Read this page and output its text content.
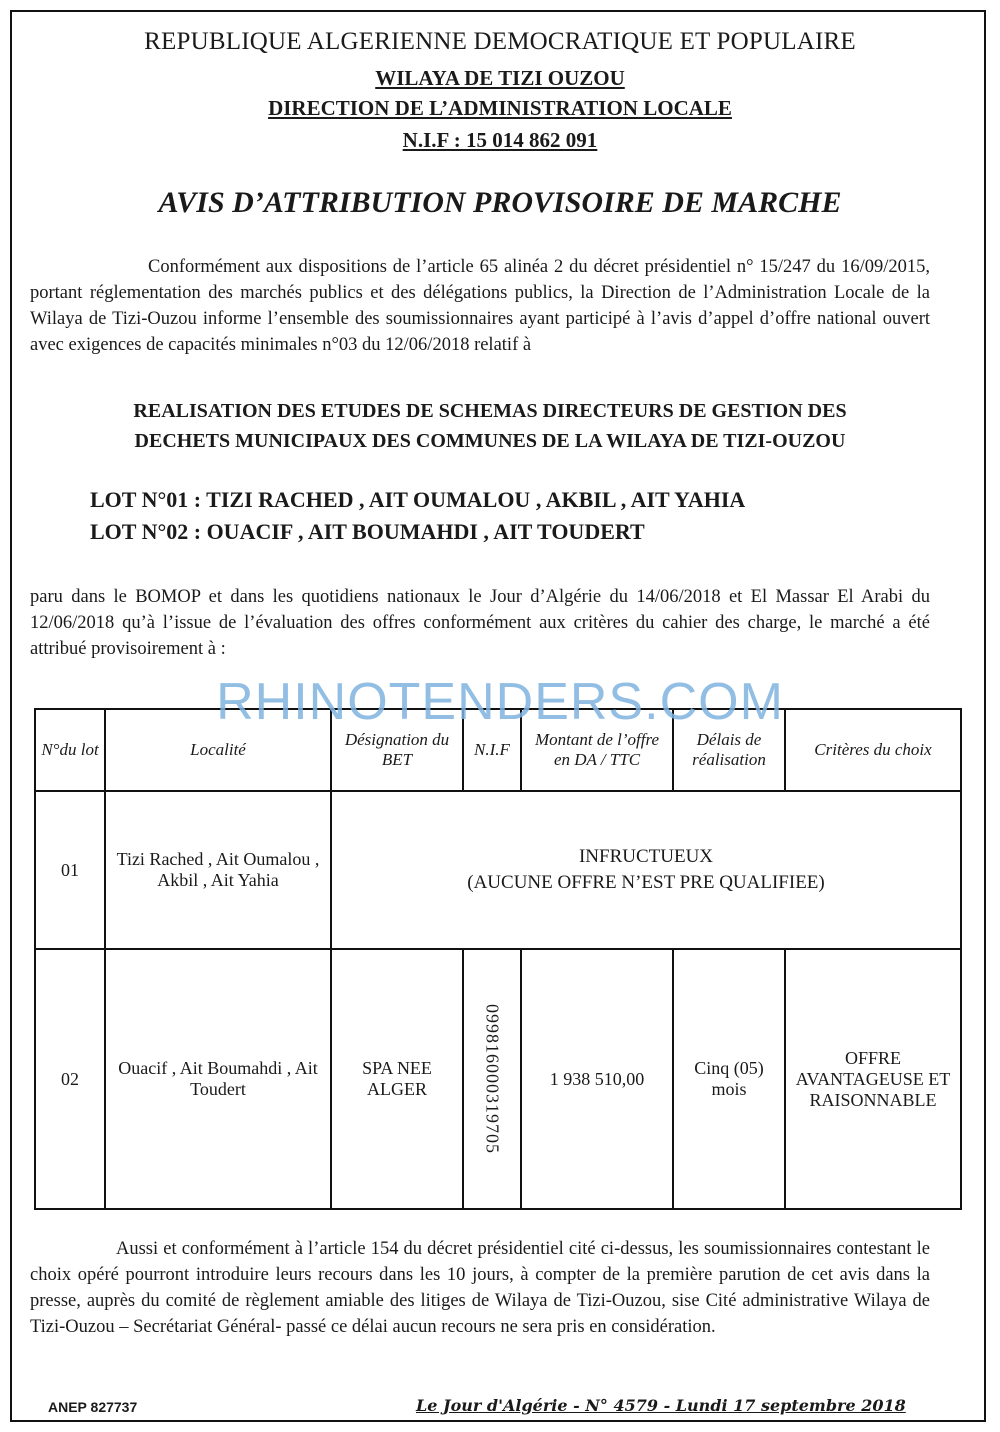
REPUBLIQUE ALGERIENNE DEMOCRATIQUE ET POPULAIRE
WILAYA DE TIZI OUZOU
DIRECTION DE L’ADMINISTRATION LOCALE
N.I.F : 15 014 862 091
AVIS D’ATTRIBUTION PROVISOIRE DE MARCHE
Conformément aux dispositions de l’article 65 alinéa 2 du décret présidentiel n° 15/247 du 16/09/2015, portant réglementation des marchés publics et des délégations publics, la Direction de l’Administration Locale de la Wilaya de Tizi-Ouzou informe l’ensemble des soumissionnaires ayant participé à l’avis d’appel d’offre national ouvert avec exigences de capacités minimales n°03 du 12/06/2018 relatif à
REALISATION DES ETUDES DE SCHEMAS DIRECTEURS DE GESTION DES
DECHETS MUNICIPAUX DES COMMUNES DE LA WILAYA DE TIZI-OUZOU
LOT N°01 : TIZI RACHED , AIT OUMALOU , AKBIL , AIT YAHIA
LOT N°02 : OUACIF , AIT BOUMAHDI , AIT TOUDERT
paru dans le BOMOP et dans les quotidiens nationaux le Jour d’Algérie du 14/06/2018 et El Massar El Arabi du 12/06/2018 qu’à l’issue de l’évaluation des offres conformément aux critères du cahier des charge, le marché a été attribué provisoirement à :
RHINOTENDERS.COM
N°du lot	Localité	Désignation du BET	N.I.F	Montant de l’offre en DA / TTC	Délais de réalisation	Critères du choix
01	Tizi Rached , Ait Oumalou , Akbil , Ait Yahia	INFRUCTUEUX
(AUCUNE OFFRE N’EST PRE QUALIFIEE)				

02	Ouacif , Ait Boumahdi , Ait Toudert	SPA NEE ALGER	099816000319705	1 938 510,00	Cinq (05) mois	OFFRE AVANTAGEUSE ET RAISONNABLE
Aussi et conformément à l’article 154 du décret présidentiel cité ci-dessus, les soumissionnaires contestant le choix opéré pourront introduire leurs recours dans les 10 jours, à compter de la première parution de cet avis dans la presse, auprès du comité de règlement amiable des litiges de Wilaya de Tizi-Ouzou, sise Cité administrative Wilaya de Tizi-Ouzou – Secrétariat Général- passé ce délai aucun recours ne sera pris en considération.
ANEP 827737	Le Jour d'Algérie - N° 4579 - Lundi 17 septembre 2018
